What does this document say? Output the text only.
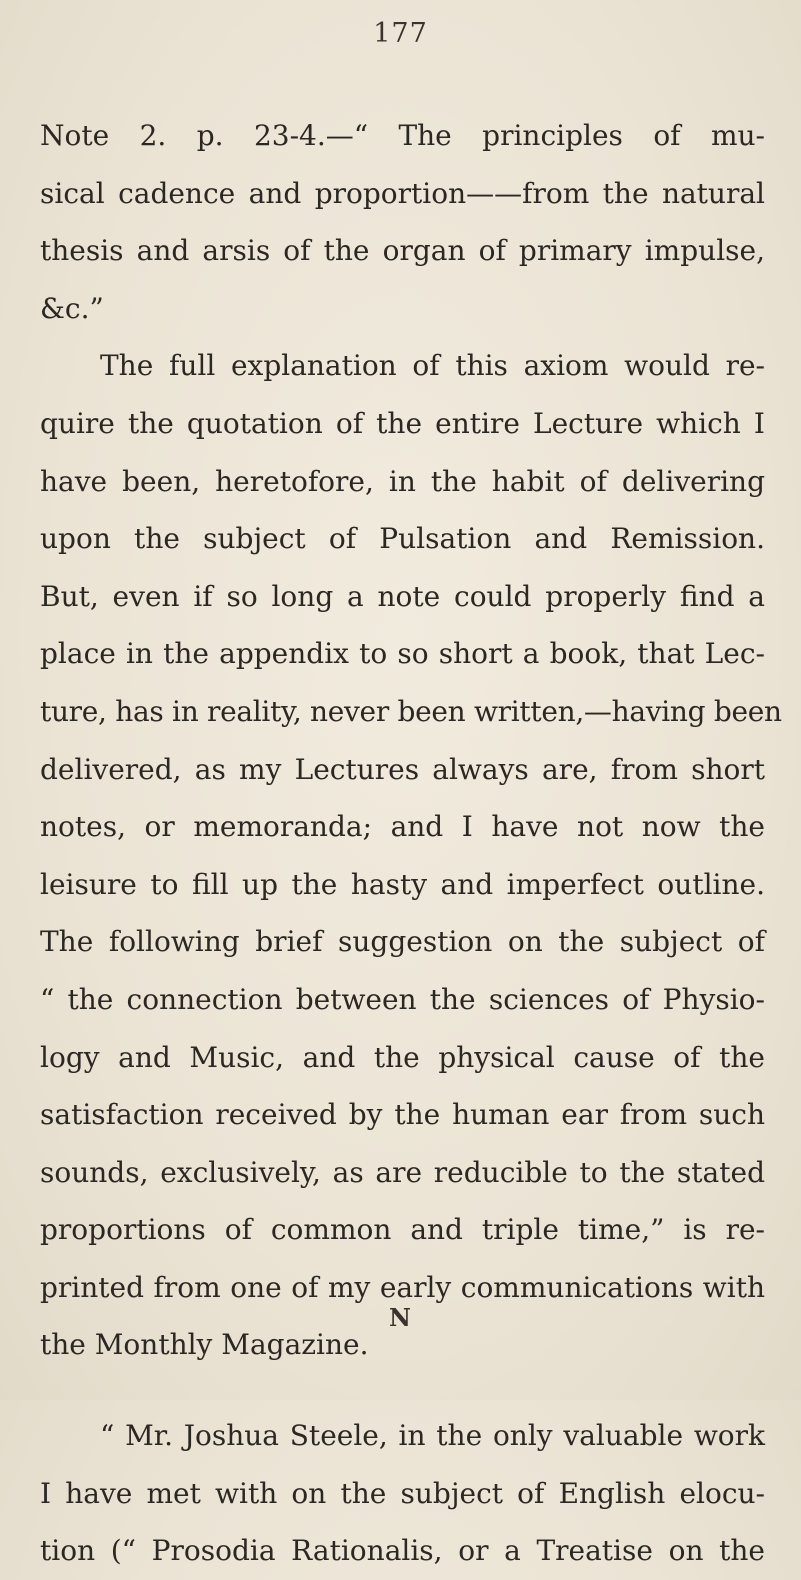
177
Note 2. p. 23-4.—“ The principles of mu-
sical cadence and proportion——from the natural
thesis and arsis of the organ of primary impulse,
&c.”
The full explanation of this axiom would re-
quire the quotation of the entire Lecture which I
have been, heretofore, in the habit of delivering
upon the subject of Pulsation and Remission.
But, even if so long a note could properly find a
place in the appendix to so short a book, that Lec-
ture, has in reality, never been written,—having been
delivered, as my Lectures always are, from short
notes, or memoranda; and I have not now the
leisure to fill up the hasty and imperfect outline.
The following brief suggestion on the subject of
“ the connection between the sciences of Physio-
logy and Music, and the physical cause of the
satisfaction received by the human ear from such
sounds, exclusively, as are reducible to the stated
proportions of common and triple time,” is re-
printed from one of my early communications with
the Monthly Magazine.
“ Mr. Joshua Steele, in the only valuable work
I have met with on the subject of English elocu-
tion (“ Prosodia Rationalis, or a Treatise on the
N
